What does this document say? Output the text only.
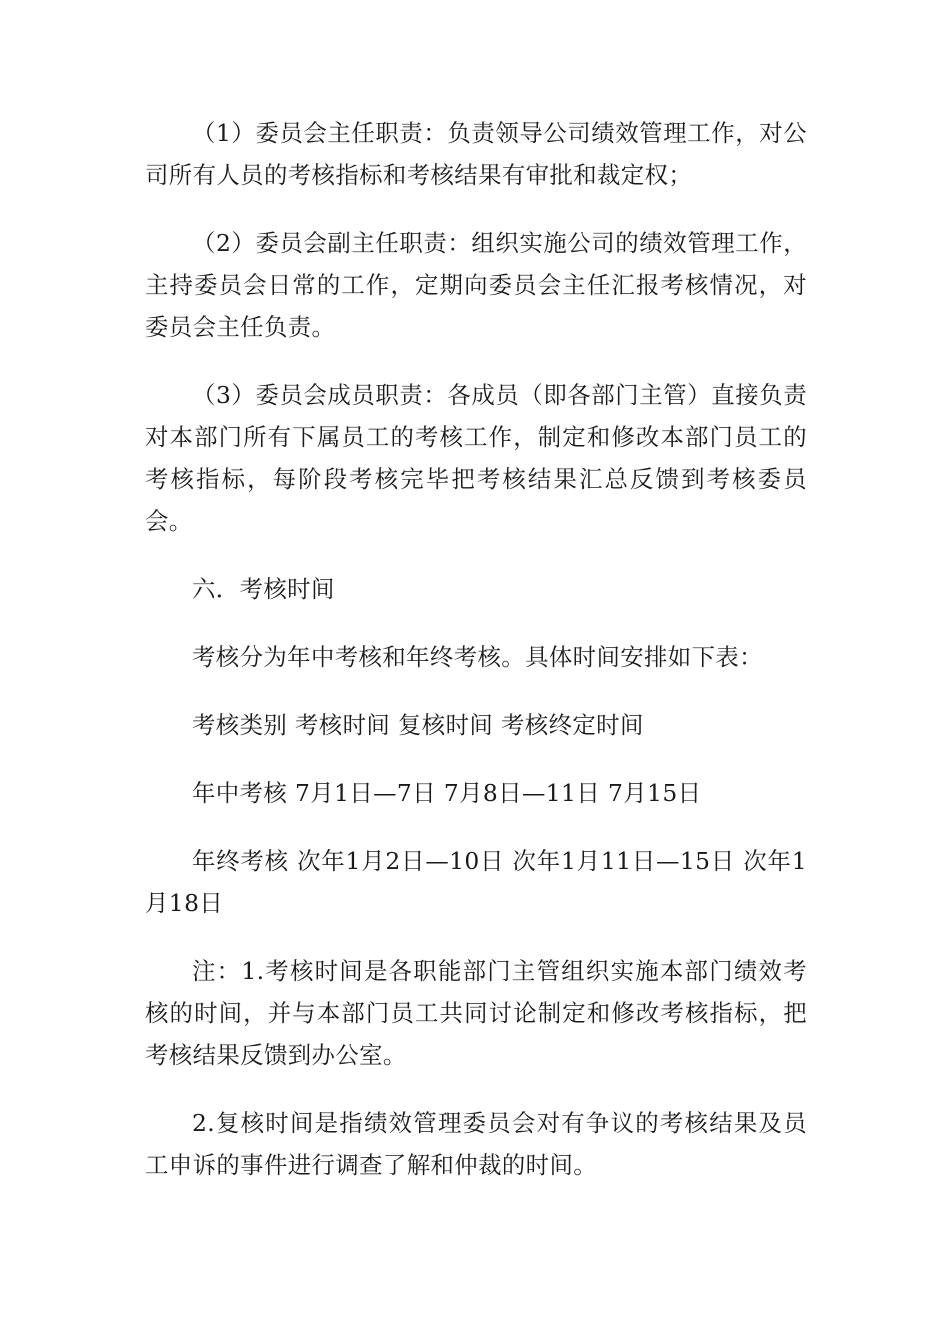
（1）委员会主任职责：负责领导公司绩效管理工作，对公司所有人员的考核指标和考核结果有审批和裁定权；

（2）委员会副主任职责：组织实施公司的绩效管理工作，主持委员会日常的工作，定期向委员会主任汇报考核情况，对委员会主任负责。

（3）委员会成员职责：各成员（即各部门主管）直接负责对本部门所有下属员工的考核工作，制定和修改本部门员工的考核指标，每阶段考核完毕把考核结果汇总反馈到考核委员会。

六．考核时间

考核分为年中考核和年终考核。具体时间安排如下表：

考核类别 考核时间 复核时间 考核终定时间

年中考核 7月1日—7日 7月8日—11日 7月15日

年终考核 次年1月2日—10日 次年1月11日—15日 次年1月18日

注：1.考核时间是各职能部门主管组织实施本部门绩效考核的时间，并与本部门员工共同讨论制定和修改考核指标，把考核结果反馈到办公室。

2.复核时间是指绩效管理委员会对有争议的考核结果及员工申诉的事件进行调查了解和仲裁的时间。
